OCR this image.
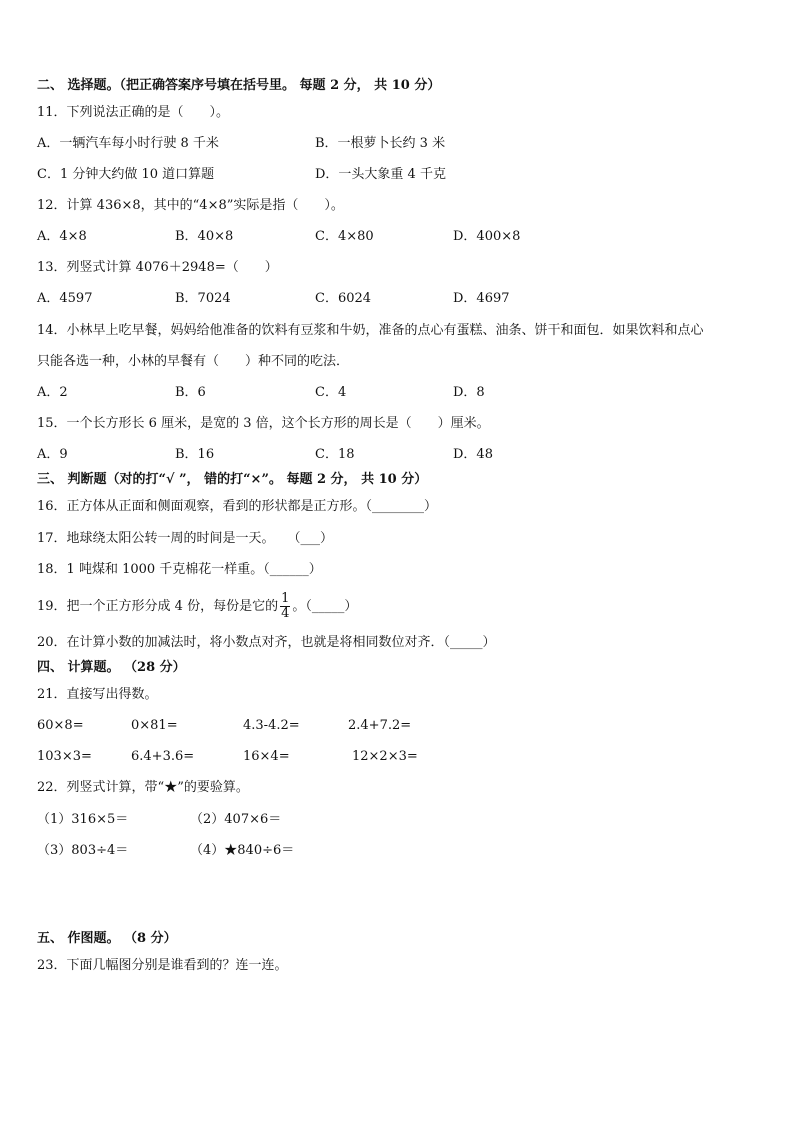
二、 选择题。（把正确答案序号填在括号里。 每题 2 分， 共 10 分）
11．下列说法正确的是（　　）。
A．一辆汽车每小时行驶 8 千米	B．一根萝卜长约 3 米
C．1 分钟大约做 10 道口算题	D．一头大象重 4 千克
12．计算 436×8，其中的“4×8”实际是指（　　）。
A．4×8	B．40×8	C．4×80	D．400×8
13．列竖式计算 4076＋2948=（　　）
A．4597	B．7024	C．6024	D．4697
14．小林早上吃早餐，妈妈给他准备的饮料有豆浆和牛奶，准备的点心有蛋糕、油条、饼干和面包．如果饮料和点心
只能各选一种，小林的早餐有（　　）种不同的吃法．
A．2	B．6	C．4	D．8
15．一个长方形长 6 厘米，是宽的 3 倍，这个长方形的周长是（　　）厘米。
A．9	B．16	C．18	D．48
三、 判断题（对的打“√ ”， 错的打“×”。 每题 2 分， 共 10 分）
16．正方体从正面和侧面观察，看到的形状都是正方形。（________）
17．地球绕太阳公转一周的时间是一天。　　（___）
18．1 吨煤和 1000 千克棉花一样重。（______）
19．把一个正方形分成 4 份，每份是它的 $\frac{1}{4}$ 。（_____）
20．在计算小数的加减法时，将小数点对齐，也就是将相同数位对齐．（_____）
四、 计算题。 （28 分）
21．直接写出得数。
60×8=	0×81=	4.3-4.2=	2.4+7.2=
103×3=	6.4+3.6=	16×4=	12×2×3=
22．列竖式计算，带“★”的要验算。
（1）316×5＝	（2）407×6＝
（3）803÷4＝	（4）★840÷6＝
五、 作图题。 （8 分）
23．下面几幅图分别是谁看到的？连一连。
